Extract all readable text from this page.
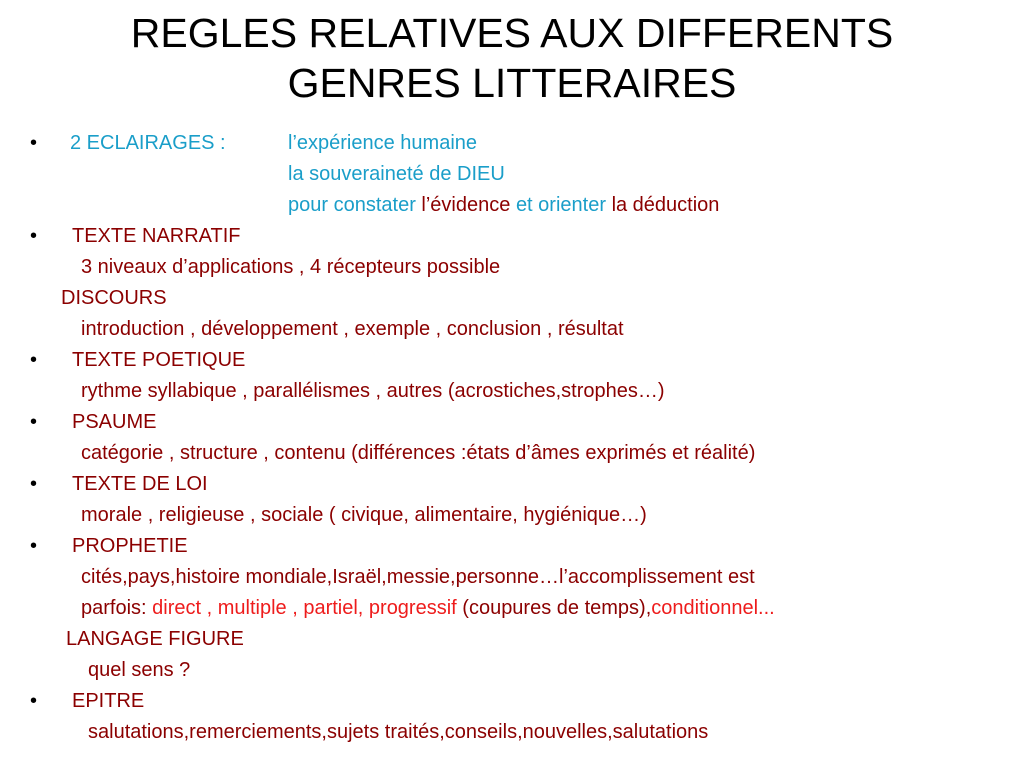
REGLES RELATIVES AUX DIFFERENTS
GENRES LITTERAIRES
• 2 ECLAIRAGES :	l’expérience humaine
la souveraineté de DIEU
pour constater l’évidence et orienter la déduction
• TEXTE NARRATIF
3 niveaux d’applications , 4 récepteurs possible
DISCOURS
introduction , développement , exemple , conclusion , résultat
• TEXTE POETIQUE
rythme syllabique , parallélismes , autres (acrostiches,strophes…)
• PSAUME
catégorie , structure , contenu (différences :états d’âmes exprimés et réalité)
• TEXTE DE LOI
morale , religieuse , sociale ( civique, alimentaire, hygiénique…)
• PROPHETIE
cités,pays,histoire mondiale,Israël,messie,personne…l’accomplissement est
parfois: direct , multiple , partiel, progressif (coupures de temps),conditionnel...
LANGAGE FIGURE
quel sens ?
• EPITRE
salutations,remerciements,sujets traités,conseils,nouvelles,salutations
